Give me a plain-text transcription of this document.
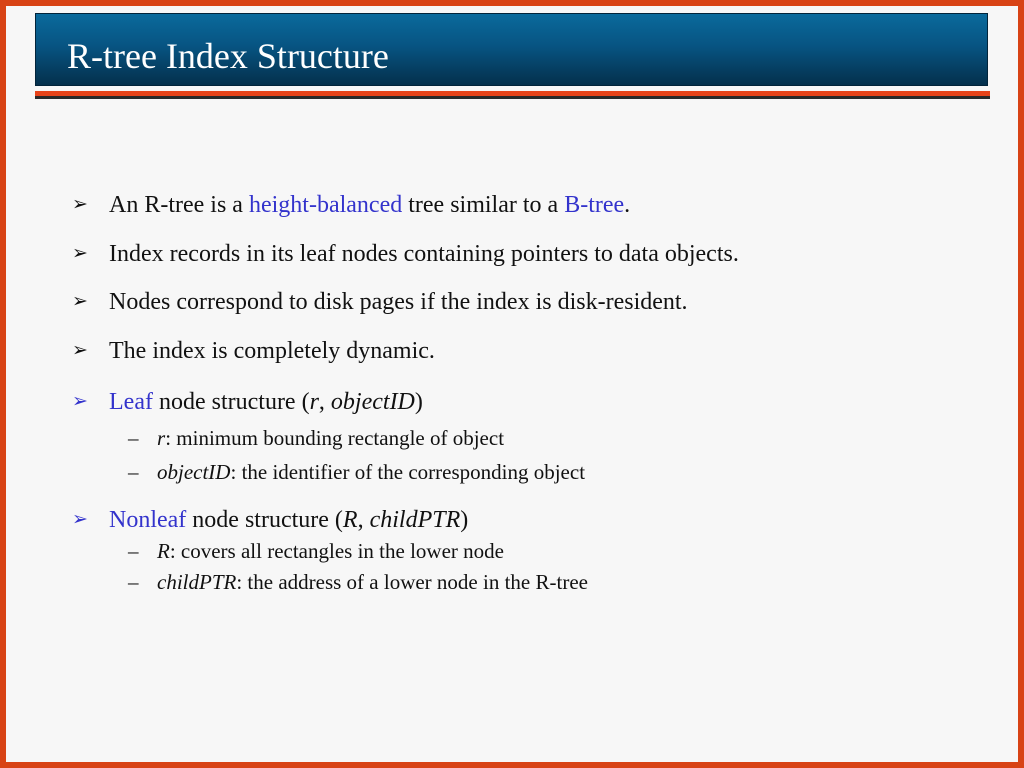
R-tree Index Structure
➢ An R-tree is a height-balanced tree similar to a B-tree.
➢ Index records in its leaf nodes containing pointers to data objects.
➢ Nodes correspond to disk pages if the index is disk-resident.
➢ The index is completely dynamic.
➢ Leaf node structure (r, objectID)
– r: minimum bounding rectangle of object
– objectID: the identifier of the corresponding object
➢ Nonleaf node structure (R, childPTR)
– R: covers all rectangles in the lower node
– childPTR: the address of a lower node in the R-tree
